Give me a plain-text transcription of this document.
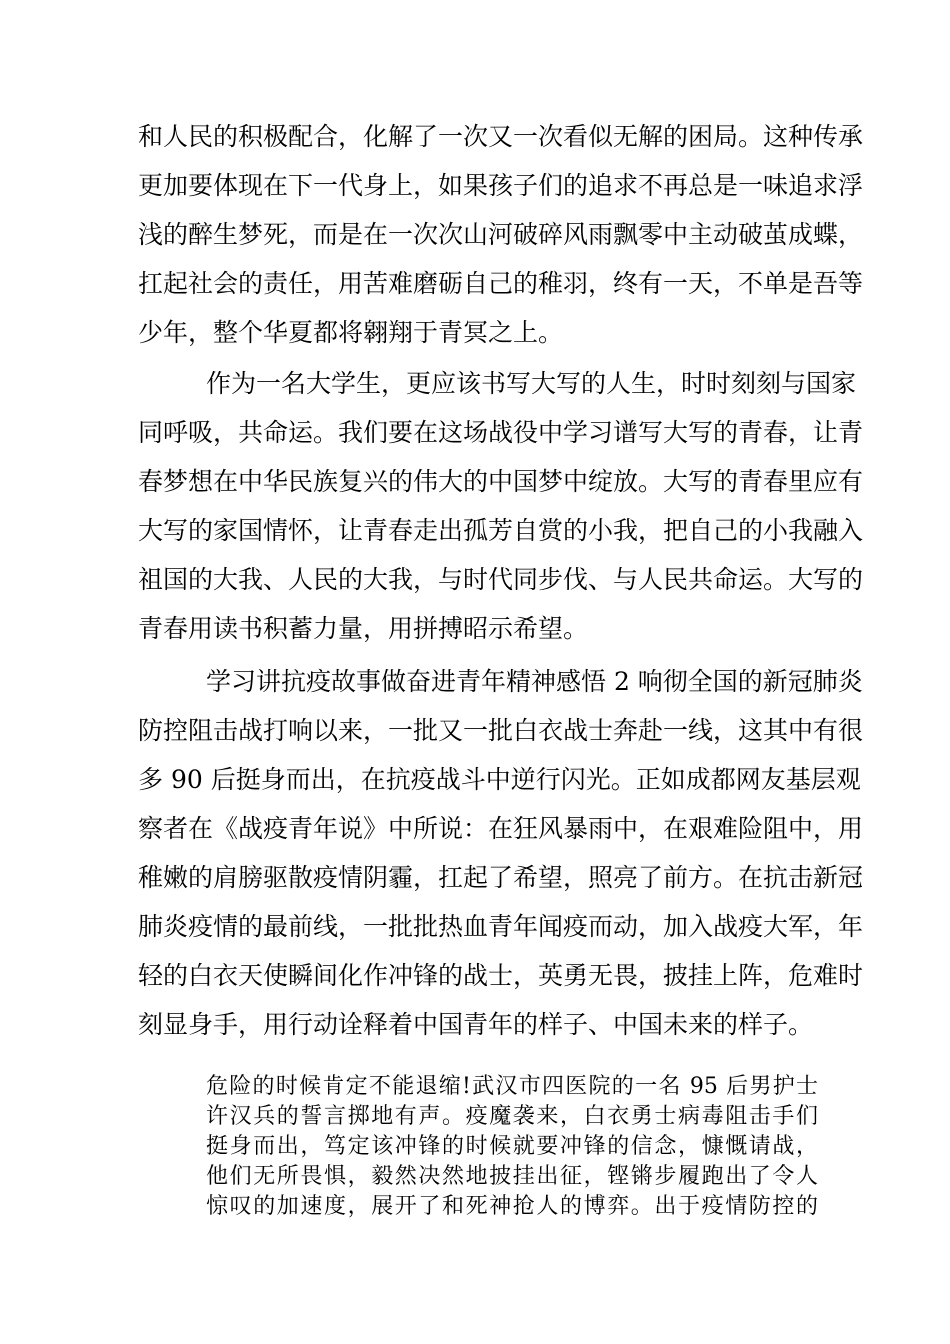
和人民的积极配合，化解了一次又一次看似无解的困局。这种传承
更加要体现在下一代身上，如果孩子们的追求不再总是一味追求浮
浅的醉生梦死，而是在一次次山河破碎风雨飘零中主动破茧成蝶，
扛起社会的责任，用苦难磨砺自己的稚羽，终有一天，不单是吾等
少年，整个华夏都将翱翔于青冥之上。
作为一名大学生，更应该书写大写的人生，时时刻刻与国家
同呼吸，共命运。我们要在这场战役中学习谱写大写的青春，让青
春梦想在中华民族复兴的伟大的中国梦中绽放。大写的青春里应有
大写的家国情怀，让青春走出孤芳自赏的小我，把自己的小我融入
祖国的大我、人民的大我，与时代同步伐、与人民共命运。大写的
青春用读书积蓄力量，用拼搏昭示希望。
学习讲抗疫故事做奋进青年精神感悟 2 响彻全国的新冠肺炎
防控阻击战打响以来，一批又一批白衣战士奔赴一线，这其中有很
多 90 后挺身而出，在抗疫战斗中逆行闪光。正如成都网友基层观
察者在《战疫青年说》中所说：在狂风暴雨中，在艰难险阻中，用
稚嫩的肩膀驱散疫情阴霾，扛起了希望，照亮了前方。在抗击新冠
肺炎疫情的最前线，一批批热血青年闻疫而动，加入战疫大军，年
轻的白衣天使瞬间化作冲锋的战士，英勇无畏，披挂上阵，危难时
刻显身手，用行动诠释着中国青年的样子、中国未来的样子。
危险的时候肯定不能退缩!武汉市四医院的一名 95 后男护士
许汉兵的誓言掷地有声。疫魔袭来，白衣勇士病毒阻击手们
挺身而出，笃定该冲锋的时候就要冲锋的信念，慷慨请战，
他们无所畏惧，毅然决然地披挂出征，铿锵步履跑出了令人
惊叹的加速度，展开了和死神抢人的博弈。出于疫情防控的
